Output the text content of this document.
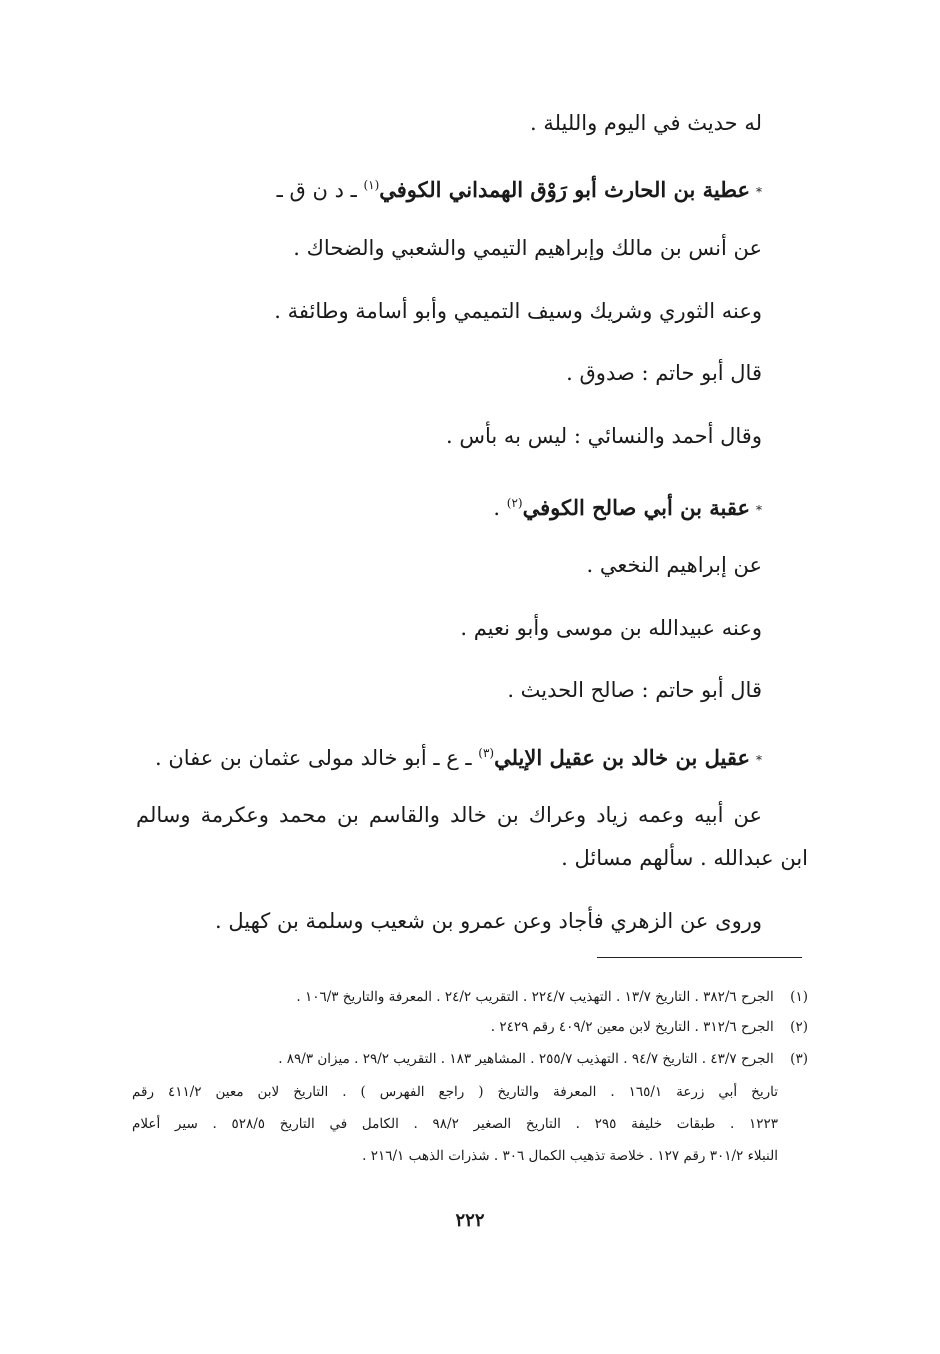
له حديث في اليوم والليلة .
*عطية بن الحارث أبو رَوْق الهمداني الكوفي$^{(١)}$ ـ د ن ق ـ
عن أنس بن مالك وإبراهيم التيمي والشعبي والضحاك .
وعنه الثوري وشريك وسيف التميمي وأبو أسامة وطائفة .
قال أبو حاتم : صدوق .
وقال أحمد والنسائي : ليس به بأس .
*عقبة بن أبي صالح الكوفي$^{(٢)}$ .
عن إبراهيم النخعي .
وعنه عبيدالله بن موسى وأبو نعيم .
قال أبو حاتم : صالح الحديث .
*عقيل بن خالد بن عقيل الإيلي$^{(٣)}$ ـ ع ـ أبو خالد مولى عثمان بن عفان .
عن أبيه وعمه زياد وعراك بن خالد والقاسم بن محمد وعكرمة وسالم
ابن عبدالله . سألهم مسائل .
وروى عن الزهري فأجاد وعن عمرو بن شعيب وسلمة بن كهيل .
(١) الجرح ٣٨٢/٦ . التاريخ ١٣/٧ . التهذيب ٢٢٤/٧ . التقريب ٢٤/٢ . المعرفة والتاريخ ١٠٦/٣ .
(٢) الجرح ٣١٢/٦ . التاريخ لابن معين ٤٠٩/٢ رقم ٢٤٢٩ .
(٣) الجرح ٤٣/٧ . التاريخ ٩٤/٧ . التهذيب ٢٥٥/٧ . المشاهير ١٨٣ . التقريب ٢٩/٢ . ميزان ٨٩/٣ .
تاريخ أبي زرعة ١٦٥/١ . المعرفة والتاريخ ( راجع الفهرس ) . التاريخ لابن معين ٤١١/٢ رقم
١٢٢٣ . طبقات خليفة ٢٩٥ . التاريخ الصغير ٩٨/٢ . الكامل في التاريخ ٥٢٨/٥ . سير أعلام
النبلاء ٣٠١/٢ رقم ١٢٧ . خلاصة تذهيب الكمال ٣٠٦ . شذرات الذهب ٢١٦/١ .
٢٢٢
